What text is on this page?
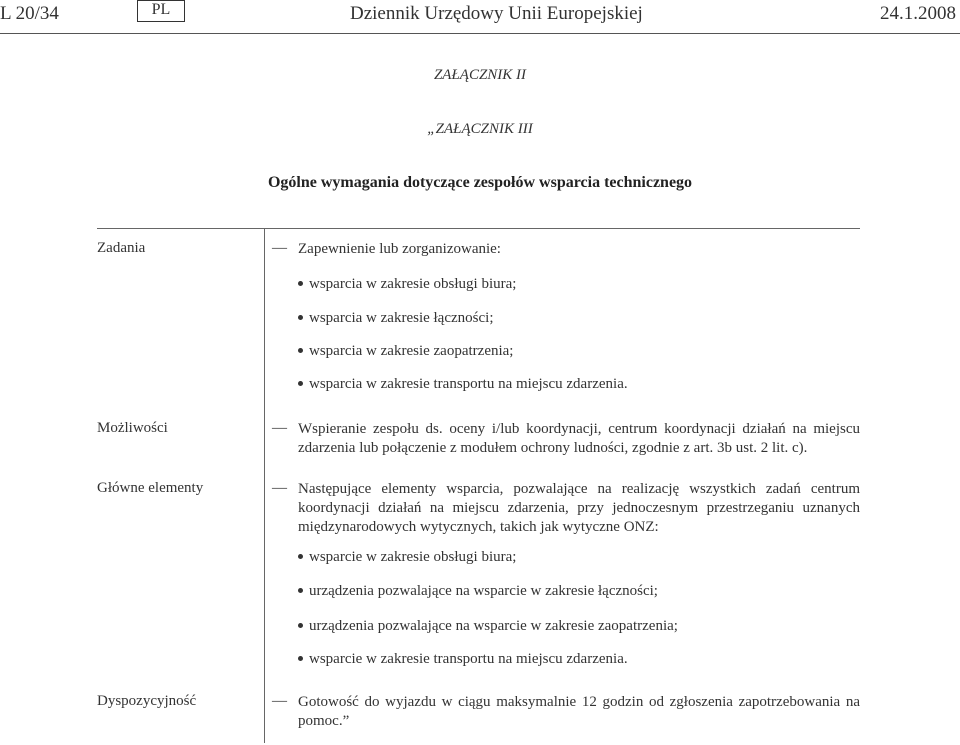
L 20/34	PL	Dziennik Urzędowy Unii Europejskiej	24.1.2008
ZAŁĄCZNIK II
„ZAŁĄCZNIK III
Ogólne wymagania dotyczące zespołów wsparcia technicznego
Zadania	— Zapewnienie lub zorganizowanie:
wsparcia w zakresie obsługi biura;
wsparcia w zakresie łączności;
wsparcia w zakresie zaopatrzenia;
wsparcia w zakresie transportu na miejscu zdarzenia.
Możliwości	— Wspieranie zespołu ds. oceny i/lub koordynacji, centrum koordynacji działań na miejscu zdarzenia lub połączenie z modułem ochrony ludności, zgodnie z art. 3b ust. 2 lit. c).
Główne elementy	— Następujące elementy wsparcia, pozwalające na realizację wszystkich zadań centrum koordynacji działań na miejscu zdarzenia, przy jednoczesnym przestrzeganiu uznanych międzynarodowych wytycznych, takich jak wytyczne ONZ:
wsparcie w zakresie obsługi biura;
urządzenia pozwalające na wsparcie w zakresie łączności;
urządzenia pozwalające na wsparcie w zakresie zaopatrzenia;
wsparcie w zakresie transportu na miejscu zdarzenia.
Dyspozycyjność	— Gotowość do wyjazdu w ciągu maksymalnie 12 godzin od zgłoszenia zapotrzebowania na pomoc.”
